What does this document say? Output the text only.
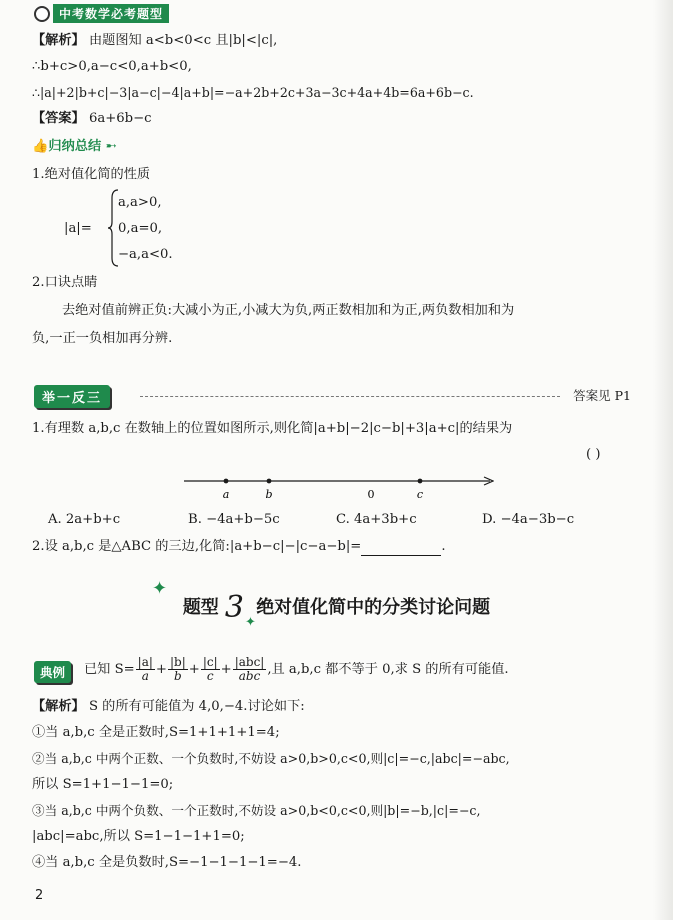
中考数学必考题型
【解析】 由题图知 a<b<0<c 且|b|<|c|,
∴b+c>0,a−c<0,a+b<0,
∴|a|+2|b+c|−3|a−c|−4|a+b|=−a+2b+2c+3a−3c+4a+4b=6a+6b−c.
【答案】 6a+6b−c
👍归纳总结 ➸
1.绝对值化简的性质
|a|=
a,a>0,
0,a=0,
−a,a<0.
2.口诀点睛
去绝对值前辨正负:大减小为正,小减大为负,两正数相加和为正,两负数相加和为
负,一正一负相加再分辨.
举一反三	答案见 P1
1.有理数 a,b,c 在数轴上的位置如图所示,则化简|a+b|−2|c−b|+3|a+c|的结果为
( )
a	b	0	c
A. 2a+b+c	B. −4a+b−5c	C. 4a+3b+c	D. −4a−3b−c
2.设 a,b,c 是△ABC 的三边,化简:|a+b−c|−|c−a−b|=	.
✦
✦
题型 3 绝对值化简中的分类讨论问题
典例	已知 $S= \frac{|a|}{a} + \frac{|b|}{b} + \frac{|c|}{c} + \frac{\text{|abc|}}{\text{abc}}$ ,且 a,b,c 都不等于 0,求 S 的所有可能值.
【解析】 S 的所有可能值为 4,0,−4.讨论如下:
①当 a,b,c 全是正数时,S=1+1+1+1=4;
②当 a,b,c 中两个正数、一个负数时,不妨设 a>0,b>0,c<0,则|c|=−c,|abc|=−abc,
所以 S=1+1−1−1=0;
③当 a,b,c 中两个负数、一个正数时,不妨设 a>0,b<0,c<0,则|b|=−b,|c|=−c,
|abc|=abc,所以 S=1−1−1+1=0;
④当 a,b,c 全是负数时,S=−1−1−1−1=−4.
2
